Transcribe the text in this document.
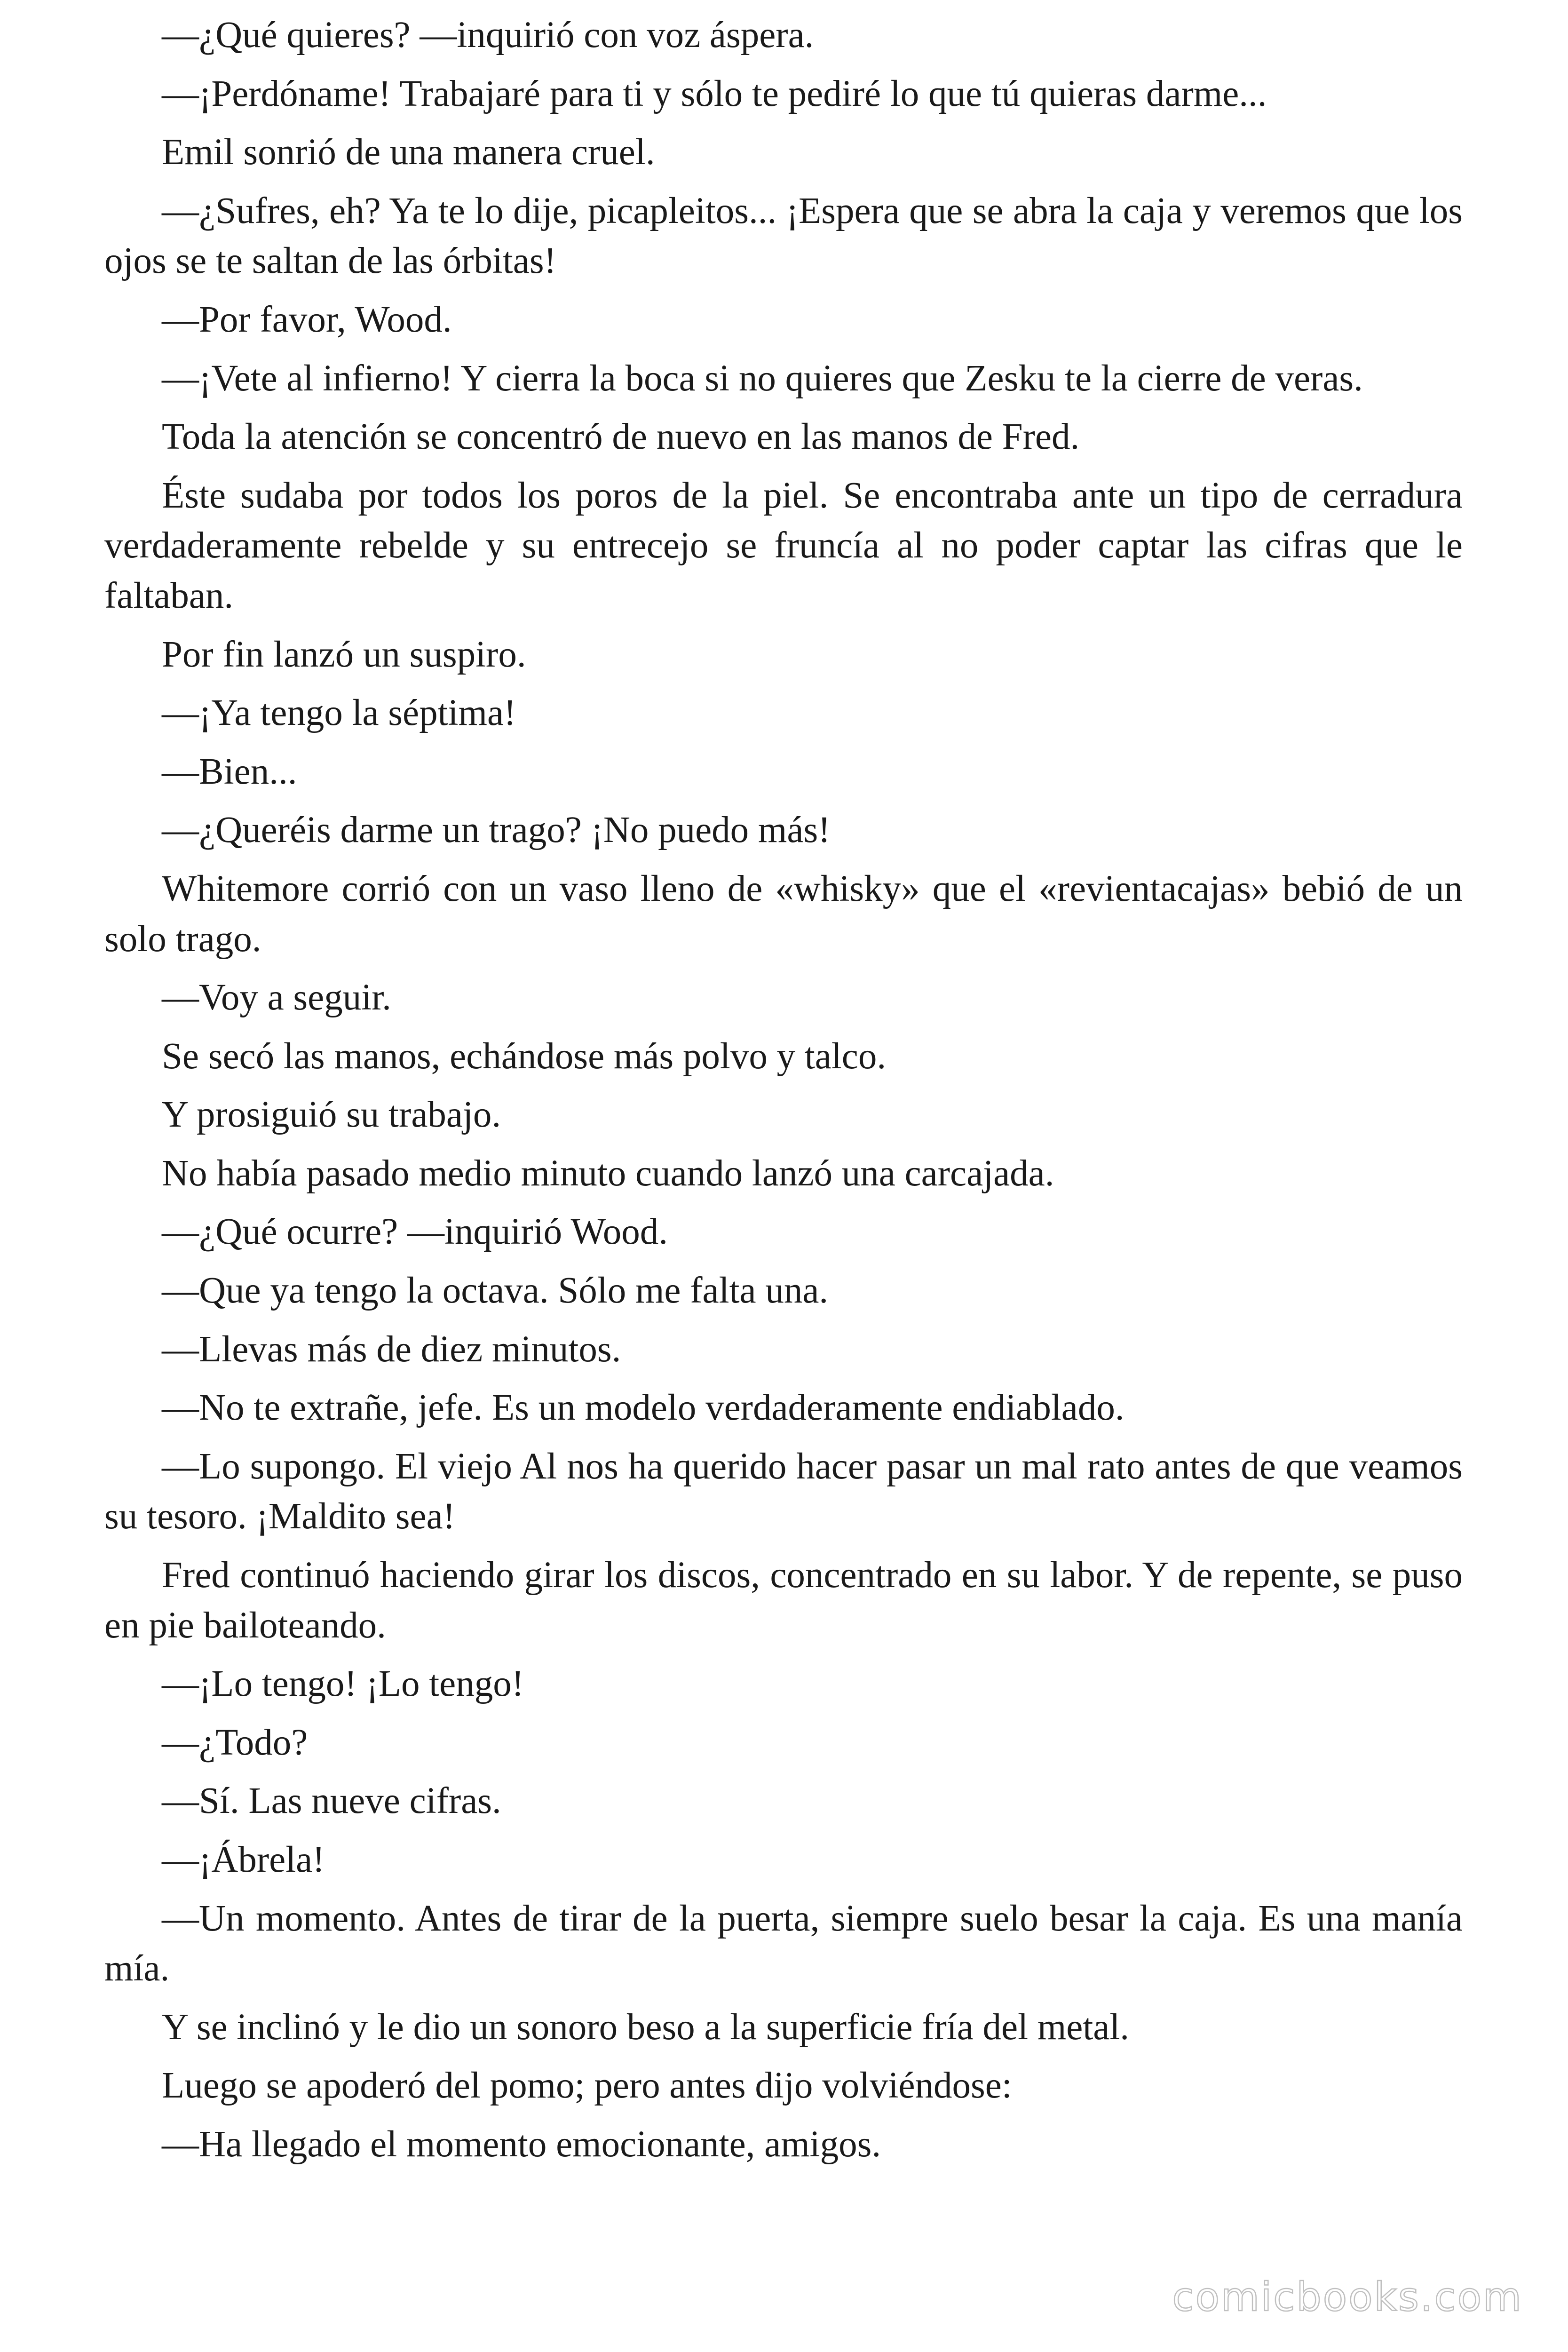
—¿Qué quieres? —inquirió con voz áspera.

—¡Perdóname! Trabajaré para ti y sólo te pediré lo que tú quieras darme...

Emil sonrió de una manera cruel.

—¿Sufres, eh? Ya te lo dije, picapleitos... ¡Espera que se abra la caja y veremos que los ojos se te saltan de las órbitas!

—Por favor, Wood.

—¡Vete al infierno! Y cierra la boca si no quieres que Zesku te la cierre de veras.

Toda la atención se concentró de nuevo en las manos de Fred.

Éste sudaba por todos los poros de la piel. Se encontraba ante un tipo de cerradura verdaderamente rebelde y su entrecejo se fruncía al no poder captar las cifras que le faltaban.

Por fin lanzó un suspiro.

—¡Ya tengo la séptima!

—Bien...

—¿Queréis darme un trago? ¡No puedo más!

Whitemore corrió con un vaso lleno de «whisky» que el «revientacajas» bebió de un solo trago.

—Voy a seguir.

Se secó las manos, echándose más polvo y talco.

Y prosiguió su trabajo.

No había pasado medio minuto cuando lanzó una carcajada.

—¿Qué ocurre? —inquirió Wood.

—Que ya tengo la octava. Sólo me falta una.

—Llevas más de diez minutos.

—No te extrañe, jefe. Es un modelo verdaderamente endiablado.

—Lo supongo. El viejo Al nos ha querido hacer pasar un mal rato antes de que veamos su tesoro. ¡Maldito sea!

Fred continuó haciendo girar los discos, concentrado en su labor. Y de repente, se puso en pie bailoteando.

—¡Lo tengo! ¡Lo tengo!

—¿Todo?

—Sí. Las nueve cifras.

—¡Ábrela!

—Un momento. Antes de tirar de la puerta, siempre suelo besar la caja. Es una manía mía.

Y se inclinó y le dio un sonoro beso a la superficie fría del metal.

Luego se apoderó del pomo; pero antes dijo volviéndose:

—Ha llegado el momento emocionante, amigos.

comicbooks.com
